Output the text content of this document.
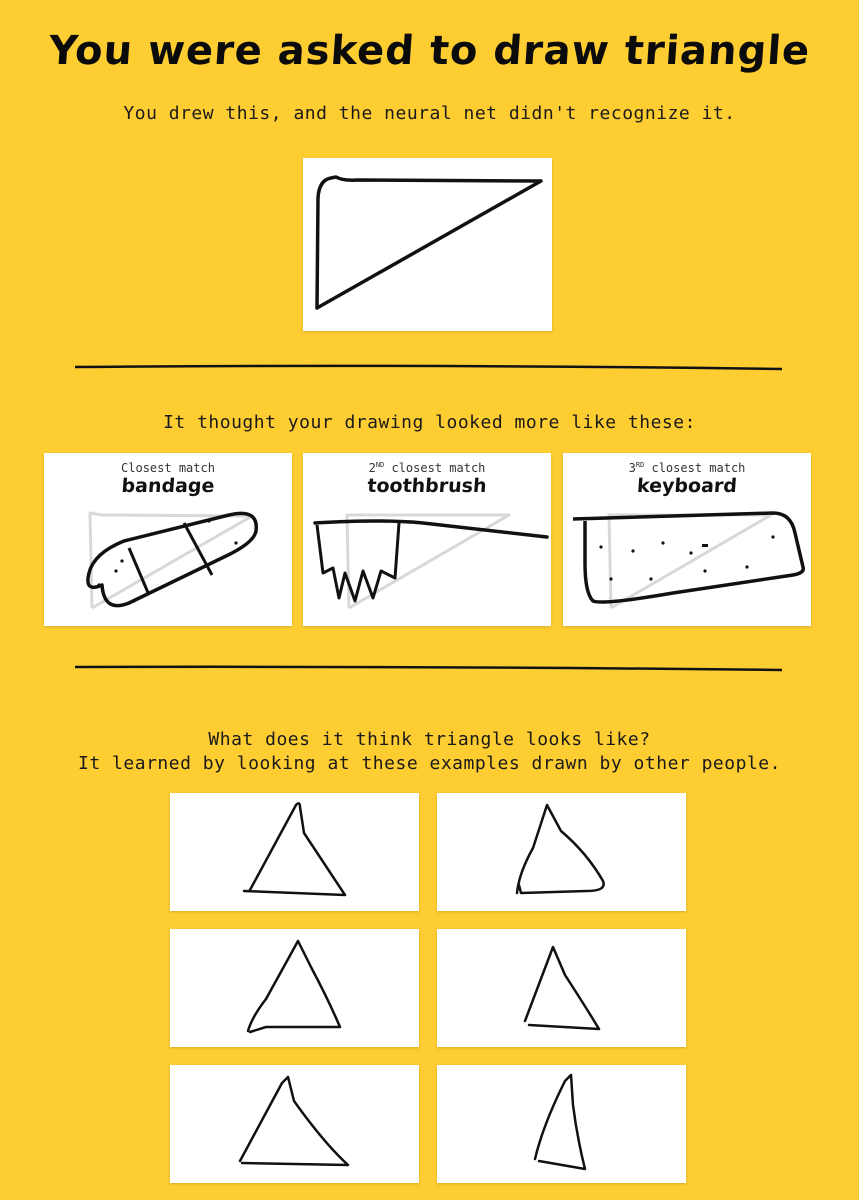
You were asked to draw triangle
You drew this, and the neural net didn't recognize it.
It thought your drawing looked more like these:
Closest match
bandage
2ND closest match
toothbrush
3RD closest match
keyboard
What does it think triangle looks like?
It learned by looking at these examples drawn by other people.
